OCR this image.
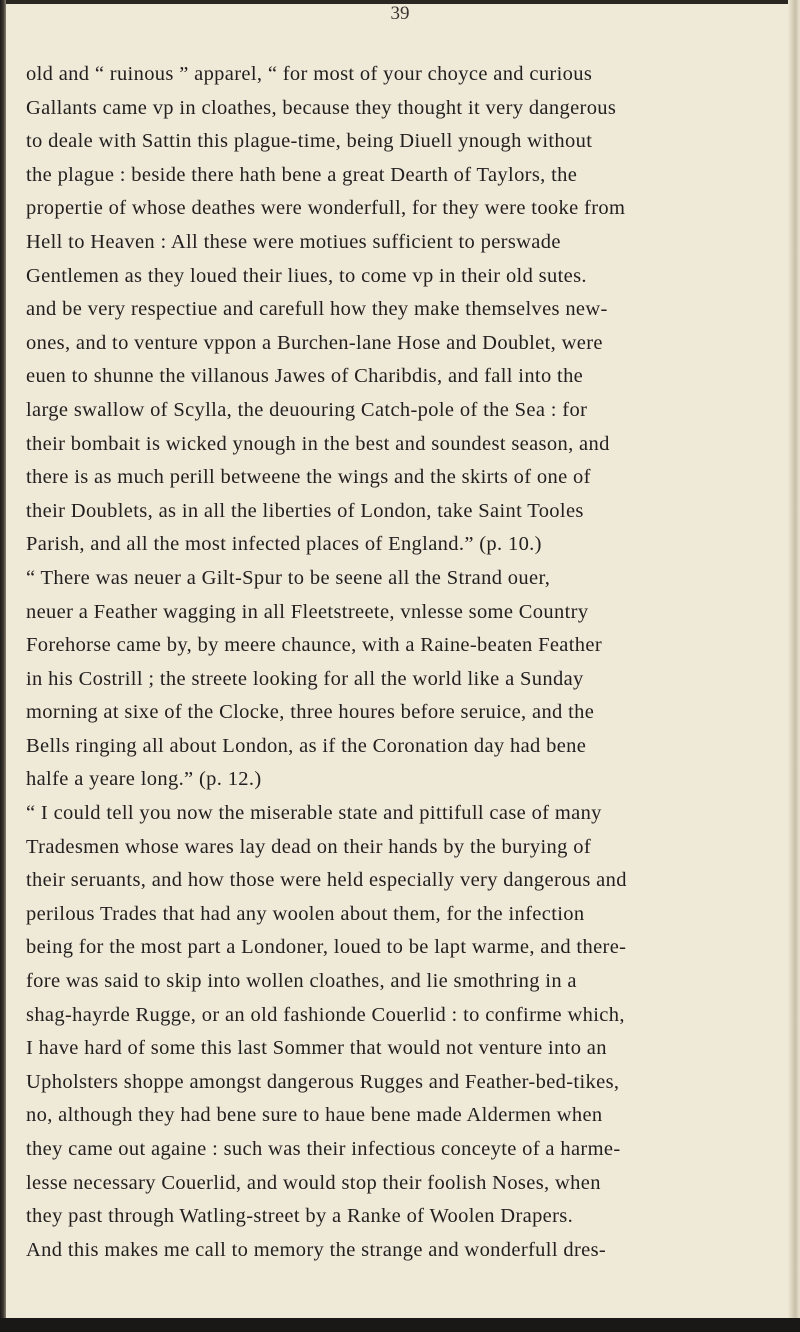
39
old and “ ruinous ” apparel, “ for most of your choyce and curious
Gallants came vp in cloathes, because they thought it very dangerous
to deale with Sattin this plague-time, being Diuell ynough without
the plague : beside there hath bene a great Dearth of Taylors, the
propertie of whose deathes were wonderfull, for they were tooke from
Hell to Heaven : All these were motiues sufficient to perswade
Gentlemen as they loued their liues, to come vp in their old sutes.
and be very respectiue and carefull how they make themselves new-
ones, and to venture vppon a Burchen-lane Hose and Doublet, were
euen to shunne the villanous Jawes of Charibdis, and fall into the
large swallow of Scylla, the deuouring Catch-pole of the Sea : for
their bombait is wicked ynough in the best and soundest season, and
there is as much perill betweene the wings and the skirts of one of
their Doublets, as in all the liberties of London, take Saint Tooles
Parish, and all the most infected places of England.” (p. 10.)
“ There was neuer a Gilt-Spur to be seene all the Strand ouer,
neuer a Feather wagging in all Fleetstreete, vnlesse some Country
Forehorse came by, by meere chaunce, with a Raine-beaten Feather
in his Costrill ; the streete looking for all the world like a Sunday
morning at sixe of the Clocke, three houres before seruice, and the
Bells ringing all about London, as if the Coronation day had bene
halfe a yeare long.” (p. 12.)
“ I could tell you now the miserable state and pittifull case of many
Tradesmen whose wares lay dead on their hands by the burying of
their seruants, and how those were held especially very dangerous and
perilous Trades that had any woolen about them, for the infection
being for the most part a Londoner, loued to be lapt warme, and there-
fore was said to skip into wollen cloathes, and lie smothring in a
shag-hayrde Rugge, or an old fashionde Couerlid : to confirme which,
I have hard of some this last Sommer that would not venture into an
Upholsters shoppe amongst dangerous Rugges and Feather-bed-tikes,
no, although they had bene sure to haue bene made Aldermen when
they came out againe : such was their infectious conceyte of a harme-
lesse necessary Couerlid, and would stop their foolish Noses, when
they past through Watling-street by a Ranke of Woolen Drapers.
And this makes me call to memory the strange and wonderfull dres-
